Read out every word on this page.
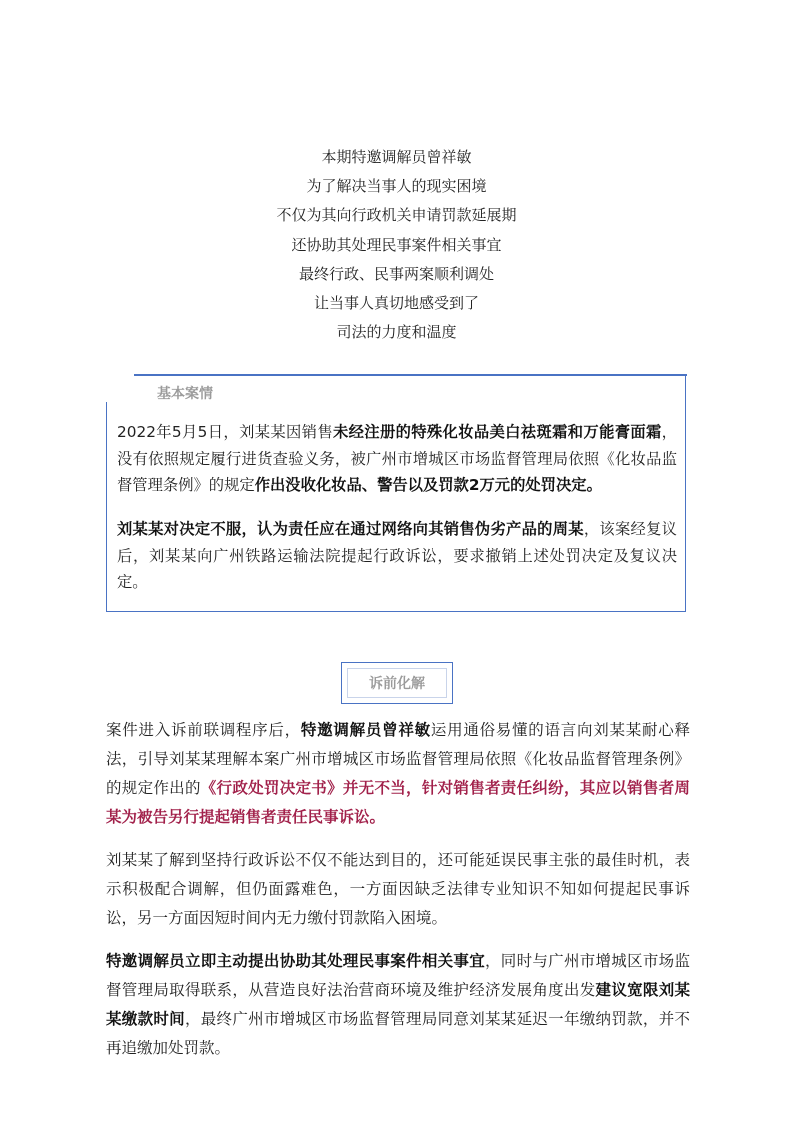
本期特邀调解员曾祥敏

为了解决当事人的现实困境

不仅为其向行政机关申请罚款延展期

还协助其处理民事案件相关事宜

最终行政、民事两案顺利调处

让当事人真切地感受到了

司法的力度和温度

基本案情

2022年5月5日，刘某某因销售未经注册的特殊化妆品美白祛斑霜和万能膏面霜，没有依照规定履行进货查验义务，被广州市增城区市场监督管理局依照《化妆品监督管理条例》的规定作出没收化妆品、警告以及罚款2万元的处罚决定。

刘某某对决定不服，认为责任应在通过网络向其销售伪劣产品的周某，该案经复议后，刘某某向广州铁路运输法院提起行政诉讼，要求撤销上述处罚决定及复议决定。

诉前化解

案件进入诉前联调程序后，特邀调解员曾祥敏运用通俗易懂的语言向刘某某耐心释法，引导刘某某理解本案广州市增城区市场监督管理局依照《化妆品监督管理条例》的规定作出的《行政处罚决定书》并无不当，针对销售者责任纠纷，其应以销售者周某为被告另行提起销售者责任民事诉讼。

刘某某了解到坚持行政诉讼不仅不能达到目的，还可能延误民事主张的最佳时机，表示积极配合调解，但仍面露难色，一方面因缺乏法律专业知识不知如何提起民事诉讼，另一方面因短时间内无力缴付罚款陷入困境。

特邀调解员立即主动提出协助其处理民事案件相关事宜，同时与广州市增城区市场监督管理局取得联系，从营造良好法治营商环境及维护经济发展角度出发建议宽限刘某某缴款时间，最终广州市增城区市场监督管理局同意刘某某延迟一年缴纳罚款，并不再追缴加处罚款。
